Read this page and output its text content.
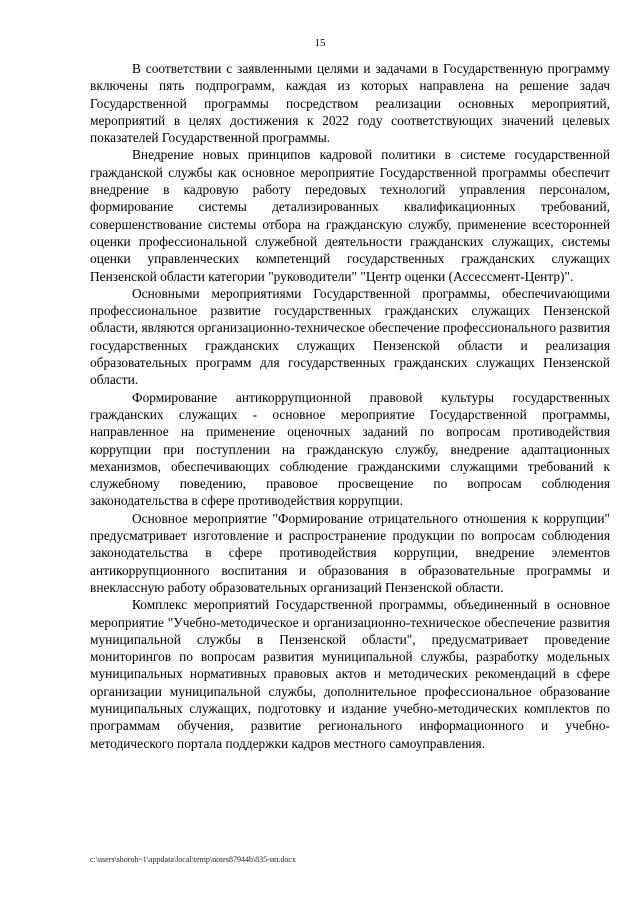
15

В соответствии с заявленными целями и задачами в Государственную программу включены пять подпрограмм, каждая из которых направлена на решение задач Государственной программы посредством реализации основных мероприятий, мероприятий в целях достижения к 2022 году соответствующих значений целевых показателей Государственной программы.

Внедрение новых принципов кадровой политики в системе государственной гражданской службы как основное мероприятие Государственной программы обеспечит внедрение в кадровую работу передовых технологий управления персоналом, формирование системы детализированных квалификационных требований, совершенствование системы отбора на гражданскую службу, применение всесторонней оценки профессиональной служебной деятельности гражданских служащих, системы оценки управленческих компетенций государственных гражданских служащих Пензенской области категории "руководители" "Центр оценки (Ассессмент-Центр)".

Основными мероприятиями Государственной программы, обеспечиvающими профессиональное развитие государственных гражданских служащих Пензенской области, являются организационно-техническое обеспечение профессионального развития государственных гражданских служащих Пензенской области и реализация образовательных программ для государственных гражданских служащих Пензенской области.

Формирование антикоррупционной правовой культуры государственных гражданских служащих - основное мероприятие Государственной программы, направленное на применение оценочных заданий по вопросам противодействия коррупции при поступлении на гражданскую службу, внедрение адаптационных механизмов, обеспечивающих соблюдение гражданскими служащими требований к служебному поведению, правовое просвещение по вопросам соблюдения законодательства в сфере противодействия коррупции.

Основное мероприятие "Формирование отрицательного отношения к коррупции" предусматривает изготовление и распространение продукции по вопросам соблюдения законодательства в сфере противодействия коррупции, внедрение элементов антикоррупционного воспитания и образования в образовательные программы и внеклассную работу образовательных организаций Пензенской области.

Комплекс мероприятий Государственной программы, объединенный в основное мероприятие "Учебно-методическое и организационно-техническое обеспечение развития муниципальной службы в Пензенской области", предусматривает проведение мониторингов по вопросам развития муниципальной службы, разработку модельных муниципальных нормативных правовых актов и методических рекомендаций в сфере организации муниципальной службы, дополнительное профессиональное образование муниципальных служащих, подготовку и издание учебно-методических комплектов по программам обучения, развитие регионального информационного и учебно-методического портала поддержки кадров местного самоуправления.

c:\users\shoroh~1\appdata\local\temp\notes87944b\835-ип.docx
